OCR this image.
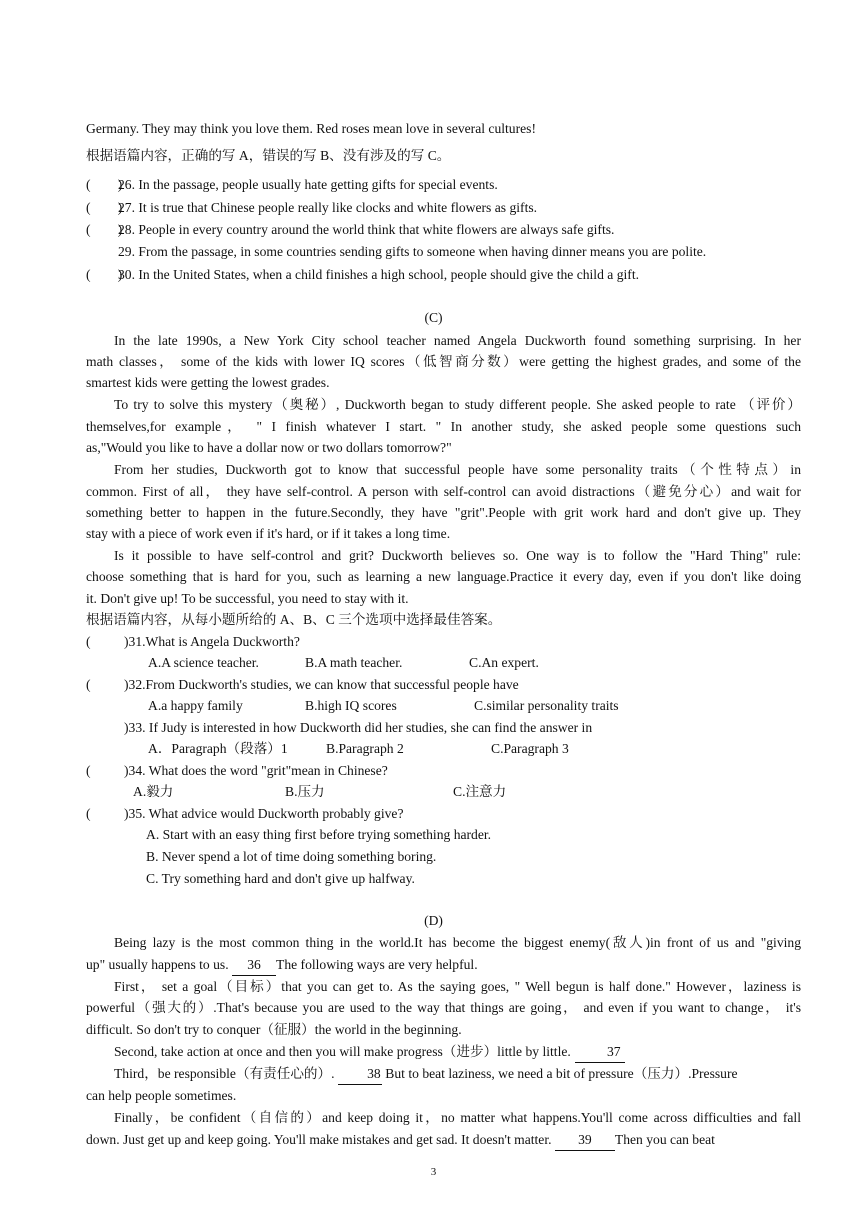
Germany. They may think you love them. Red roses mean love in several cultures!
根据语篇内容，正确的写 A，错误的写 B、没有涉及的写 C。
(　　)
26. In the passage, people usually hate getting gifts for special events.
(　　)
27. It is true that Chinese people really like clocks and white flowers as gifts.
(　　)
28. People in every country around the world think that white flowers are always safe gifts.
29. From the passage, in some countries sending gifts to someone when having dinner means you are polite.
(　　)
30. In the United States, when a child finishes a high school, people should give the child a gift.
(C)
In the late 1990s, a New York City school teacher named Angela Duckworth found something surprising. In her
math classes， some of the kids with lower IQ scores（低智商分数）were getting the highest grades, and some of the
smartest kids were getting the lowest grades.
To try to solve this mystery（奥秘）, Duckworth began to study different people. She asked people to rate （评价）
themselves,for example， " I finish whatever I start. " In another study, she asked people some questions such
as,"Would you like to have a dollar now or two dollars tomorrow?"
From her studies, Duckworth got to know that successful people have some personality traits（个性特点）in
common. First of all， they have self-control. A person with self-control can avoid distractions（避免分心）and wait for
something better to happen in the future.Secondly, they have "grit".People with grit work hard and don't give up. They
stay with a piece of work even if it's hard, or if it takes a long time.
Is it possible to have self-control and grit? Duckworth believes so. One way is to follow the "Hard Thing" rule:
choose something that is hard for you, such as learning a new language.Practice it every day, even if you don't like doing
it. Don't give up! To be successful, you need to stay with it.
根据语篇内容，从每小题所给的 A、B、C 三个选项中选择最佳答案。
(　　 )31.What is Angela Duckworth?
A.A science teacher.	B.A math teacher.	C.An expert.
(　　 )32.From Duckworth's studies, we can know that successful people have
A.a happy family	B.high IQ scores	C.similar personality traits
)33. If Judy is interested in how Duckworth did her studies, she can find the answer in
A．Paragraph（段落）1	B.Paragraph 2	C.Paragraph 3
(　　 )34. What does the word "grit"mean in Chinese?
A.毅力	B.压力	C.注意力
(　　 )35. What advice would Duckworth probably give?
A. Start with an easy thing first before trying something harder.
B. Never spend a lot of time doing something boring.
C. Try something hard and don't give up halfway.
(D)
Being lazy is the most common thing in the world.It has become the biggest enemy(敌人)in front of us and "giving
up" usually happens to us. 36 The following ways are very helpful.
First， set a goal（目标）that you can get to. As the saying goes, " Well begun is half done." However，laziness is
powerful（强大的）.That's because you are used to the way that things are going， and even if you want to change， it's
difficult. So don't try to conquer（征服）the world in the beginning.
Second, take action at once and then you will make progress（进步）little by little.	37
Third，be responsible（有责任心的）. 38 But to beat laziness, we need a bit of pressure（压力）.Pressure
can help people sometimes.
Finally，be confident（自信的）and keep doing it，no matter what happens.You'll come across difficulties and fall
down. Just get up and keep going. You'll make mistakes and get sad. It doesn't matter. 39 Then you can beat
3
